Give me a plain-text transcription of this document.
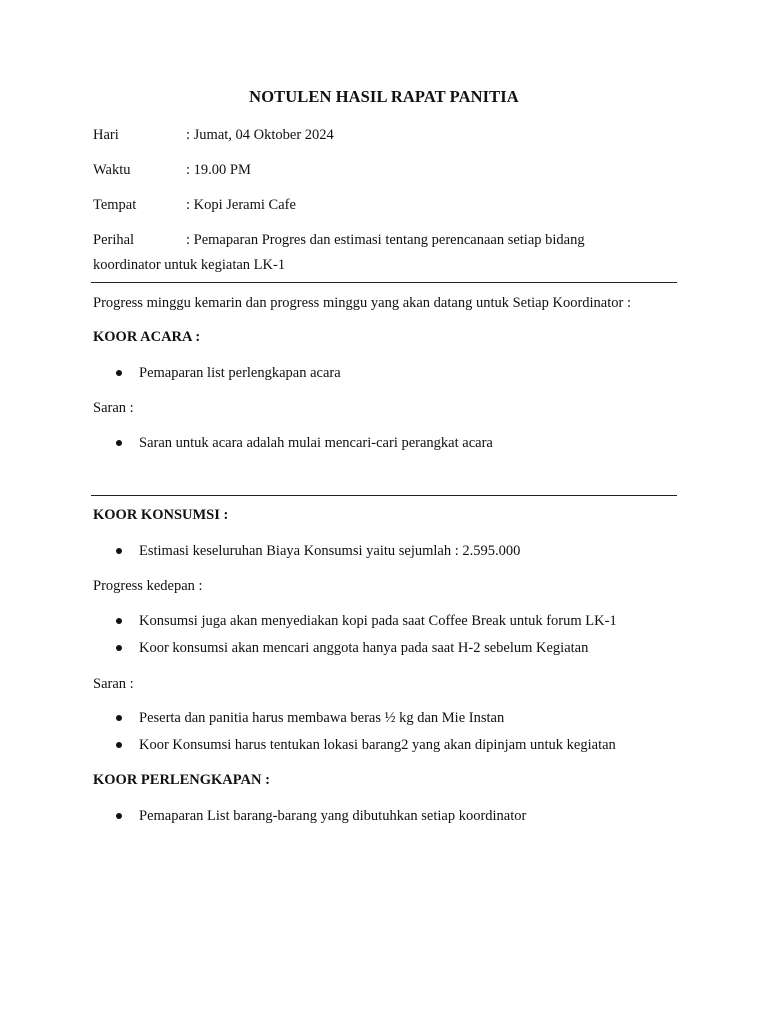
NOTULEN HASIL RAPAT PANITIA
Hari	: Jumat, 04 Oktober 2024
Waktu	: 19.00 PM
Tempat	: Kopi Jerami Cafe
Perihal	: Pemaparan Progres dan estimasi tentang perencanaan setiap bidang
koordinator untuk kegiatan LK-1
Progress minggu kemarin dan progress minggu yang akan datang untuk Setiap Koordinator :
KOOR ACARA :
Pemaparan list perlengkapan acara
Saran :
Saran untuk acara adalah mulai mencari-cari perangkat acara
KOOR KONSUMSI :
Estimasi keseluruhan Biaya Konsumsi yaitu sejumlah : 2.595.000
Progress kedepan :
Konsumsi juga akan menyediakan kopi pada saat Coffee Break untuk forum LK-1
Koor konsumsi akan mencari anggota hanya pada saat H-2 sebelum Kegiatan
Saran :
Peserta dan panitia harus membawa beras ½ kg dan Mie Instan
Koor Konsumsi harus tentukan lokasi barang2 yang akan dipinjam untuk kegiatan
KOOR PERLENGKAPAN :
Pemaparan List barang-barang yang dibutuhkan setiap koordinator
